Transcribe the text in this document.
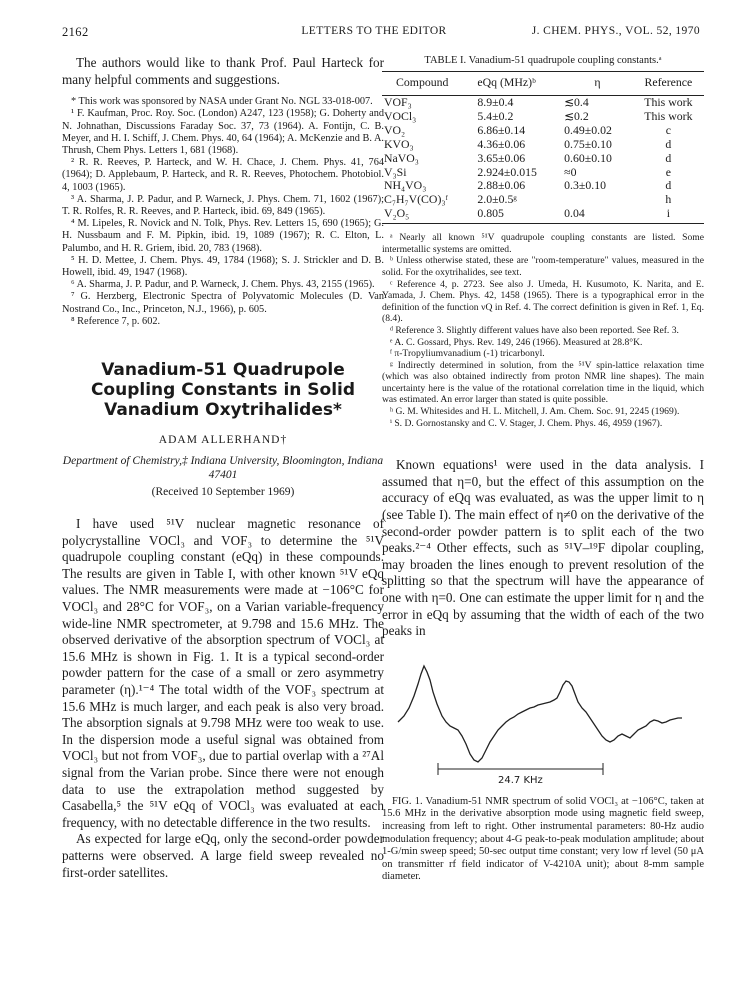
2162	LETTERS TO THE EDITOR	J. CHEM. PHYS., VOL. 52, 1970

The authors would like to thank Prof. Paul Harteck for many helpful comments and suggestions.

* This work was sponsored by NASA under Grant No. NGL 33-018-007.

¹ F. Kaufman, Proc. Roy. Soc. (London) A247, 123 (1958); G. Doherty and N. Johnathan, Discussions Faraday Soc. 37, 73 (1964). A. Fontijn, C. B. Meyer, and H. I. Schiff, J. Chem. Phys. 40, 64 (1964); A. McKenzie and B. A. Thrush, Chem Phys. Letters 1, 681 (1968).

² R. R. Reeves, P. Harteck, and W. H. Chace, J. Chem. Phys. 41, 764 (1964); D. Applebaum, P. Harteck, and R. R. Reeves, Photochem. Photobiol. 4, 1003 (1965).

³ A. Sharma, J. P. Padur, and P. Warneck, J. Phys. Chem. 71, 1602 (1967); T. R. Rolfes, R. R. Reeves, and P. Harteck, ibid. 69, 849 (1965).

⁴ M. Lipeles, R. Novick and N. Tolk, Phys. Rev. Letters 15, 690 (1965); G. H. Nussbaum and F. M. Pipkin, ibid. 19, 1089 (1967); R. C. Elton, L. Palumbo, and H. R. Griem, ibid. 20, 783 (1968).

⁵ H. D. Mettee, J. Chem. Phys. 49, 1784 (1968); S. J. Strickler and D. B. Howell, ibid. 49, 1947 (1968).

⁶ A. Sharma, J. P. Padur, and P. Warneck, J. Chem. Phys. 43, 2155 (1965).

⁷ G. Herzberg, Electronic Spectra of Polyvatomic Molecules (D. Van Nostrand Co., Inc., Princeton, N.J., 1966), p. 605.

⁸ Reference 7, p. 602.

Vanadium-51 Quadrupole Coupling Constants in Solid Vanadium Oxytrihalides*

ADAM ALLERHAND†

Department of Chemistry,‡ Indiana University, Bloomington, Indiana 47401

(Received 10 September 1969)

I have used ⁵¹V nuclear magnetic resonance of polycrystalline VOCl₃ and VOF₃ to determine the ⁵¹V quadrupole coupling constant (eQq) in these compounds. The results are given in Table I, with other known ⁵¹V eQq values. The NMR measurements were made at −106°C for VOCl₃ and 28°C for VOF₃, on a Varian variable-frequency wide-line NMR spectrometer, at 9.798 and 15.6 MHz. The observed derivative of the absorption spectrum of VOCl₃ at 15.6 MHz is shown in Fig. 1. It is a typical second-order powder pattern for the case of a small or zero asymmetry parameter (η).¹⁻⁴ The total width of the VOF₃ spectrum at 15.6 MHz is much larger, and each peak is also very broad. The absorption signals at 9.798 MHz were too weak to use. In the dispersion mode a useful signal was obtained from VOCl₃ but not from VOF₃, due to partial overlap with a ²⁷Al signal from the Varian probe. Since there were not enough data to use the extrapolation method suggested by Casabella,⁵ the ⁵¹V eQq of VOCl₃ was evaluated at each frequency, with no detectable difference in the two results.

As expected for large eQq, only the second-order powder patterns were observed. A large field sweep revealed no first-order satellites.

TABLE I. Vanadium-51 quadrupole coupling constants.ᵃ

Compound	eQq (MHz)ᵇ	η	Reference
VOF₃	8.9±0.4	≲0.4	This work
VOCl₃	5.4±0.2	≲0.2	This work
VO₂	6.86±0.14	0.49±0.02	c
KVO₃	4.36±0.06	0.75±0.10	d
NaVO₃	3.65±0.06	0.60±0.10	d
V₃Si	2.924±0.015	≈0	e
NH₄VO₃	2.88±0.06	0.3±0.10	d
C₇H₇V(CO)₃ᶠ	2.0±0.5ᵍ		h
V₂O₅	0.805	0.04	i

ᵃ Nearly all known ⁵¹V quadrupole coupling constants are listed. Some intermetallic systems are omitted.

ᵇ Unless otherwise stated, these are "room-temperature" values, measured in the solid. For the oxytrihalides, see text.

ᶜ Reference 4, p. 2723. See also J. Umeda, H. Kusumoto, K. Narita, and E. Yamada, J. Chem. Phys. 42, 1458 (1965). There is a typographical error in the definition of the function νQ in Ref. 4. The correct definition is given in Ref. 1, Eq. (8.4).

ᵈ Reference 3. Slightly different values have also been reported. See Ref. 3.

ᵉ A. C. Gossard, Phys. Rev. 149, 246 (1966). Measured at 28.8°K.

ᶠ π-Tropyliumvanadium (-1) tricarbonyl.

ᵍ Indirectly determined in solution, from the ⁵¹V spin-lattice relaxation time (which was also obtained indirectly from proton NMR line shapes). The main uncertainty here is the value of the rotational correlation time in the liquid, which was estimated. An error larger than stated is quite possible.

ʰ G. M. Whitesides and H. L. Mitchell, J. Am. Chem. Soc. 91, 2245 (1969).

ⁱ S. D. Gornostansky and C. V. Stager, J. Chem. Phys. 46, 4959 (1967).

Known equations¹ were used in the data analysis. I assumed that η=0, but the effect of this assumption on the accuracy of eQq was evaluated, as was the upper limit to η (see Table I). The main effect of η≠0 on the derivative of the second-order powder pattern is to split each of the two peaks.²⁻⁴ Other effects, such as ⁵¹V–¹⁹F dipolar coupling, may broaden the lines enough to prevent resolution of the splitting so that the spectrum will have the appearance of one with η=0. One can estimate the upper limit for η and the error in eQq by assuming that the width of each of the two peaks in

24.7 KHz

FIG. 1. Vanadium-51 NMR spectrum of solid VOCl₃ at −106°C, taken at 15.6 MHz in the derivative absorption mode using magnetic field sweep, increasing from left to right. Other instrumental parameters: 80-Hz audio modulation frequency; about 4-G peak-to-peak modulation amplitude; about 1-G/min sweep speed; 50-sec output time constant; very low rf level (50 μA on transmitter rf field indicator of V-4210A unit); about 8-mm sample diameter.
